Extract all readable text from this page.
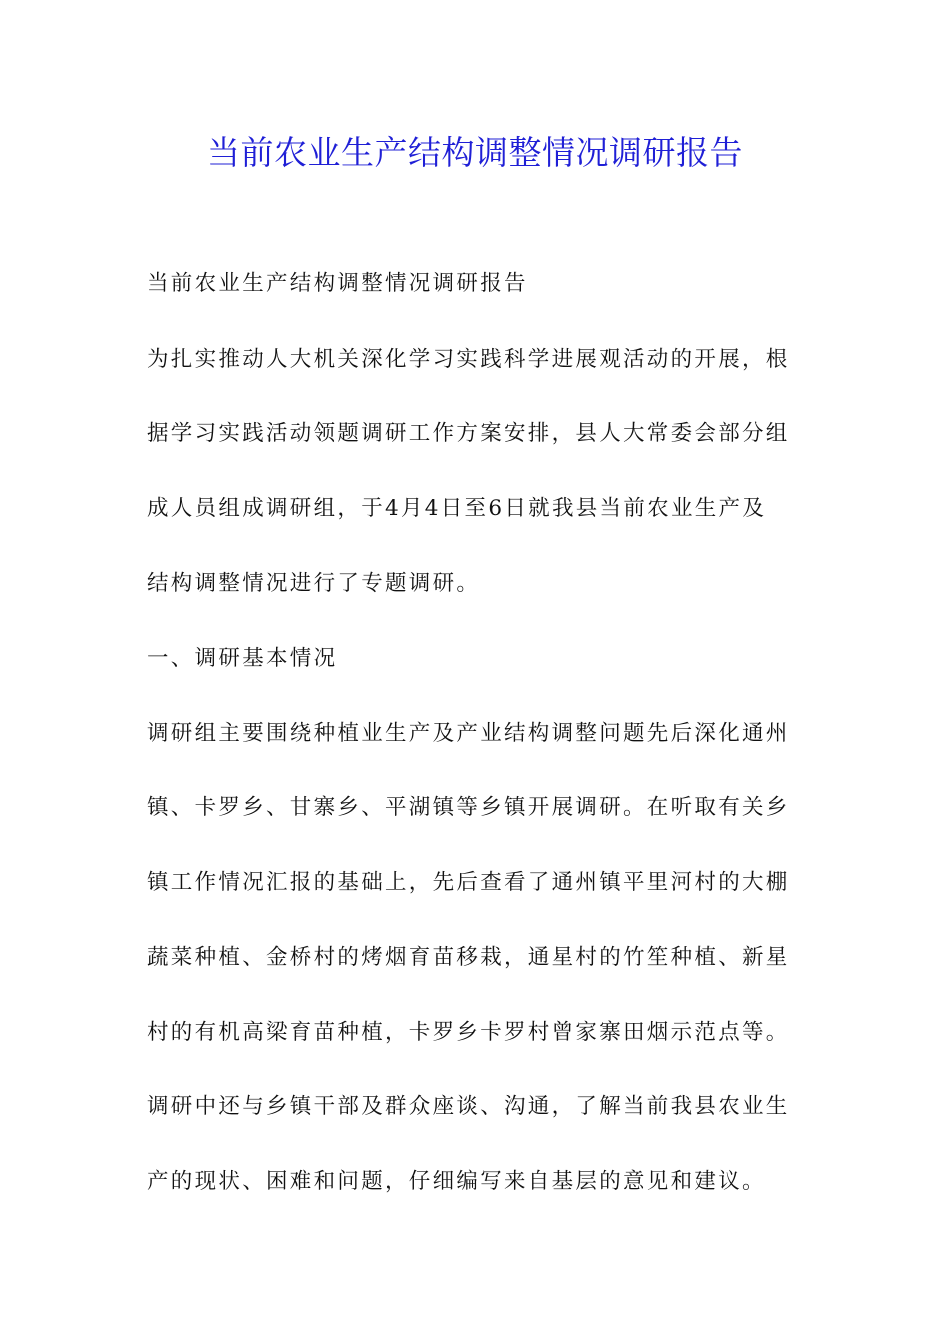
当前农业生产结构调整情况调研报告
当前农业生产结构调整情况调研报告
为扎实推动人大机关深化学习实践科学进展观活动的开展，根
据学习实践活动领题调研工作方案安排，县人大常委会部分组
成人员组成调研组，于4月4日至6日就我县当前农业生产及
结构调整情况进行了专题调研。
一、调研基本情况
调研组主要围绕种植业生产及产业结构调整问题先后深化通州
镇、卡罗乡、甘寨乡、平湖镇等乡镇开展调研。在听取有关乡
镇工作情况汇报的基础上，先后查看了通州镇平里河村的大棚
蔬菜种植、金桥村的烤烟育苗移栽，通星村的竹笙种植、新星
村的有机高梁育苗种植，卡罗乡卡罗村曾家寨田烟示范点等。
调研中还与乡镇干部及群众座谈、沟通，了解当前我县农业生
产的现状、困难和问题，仔细编写来自基层的意见和建议。
